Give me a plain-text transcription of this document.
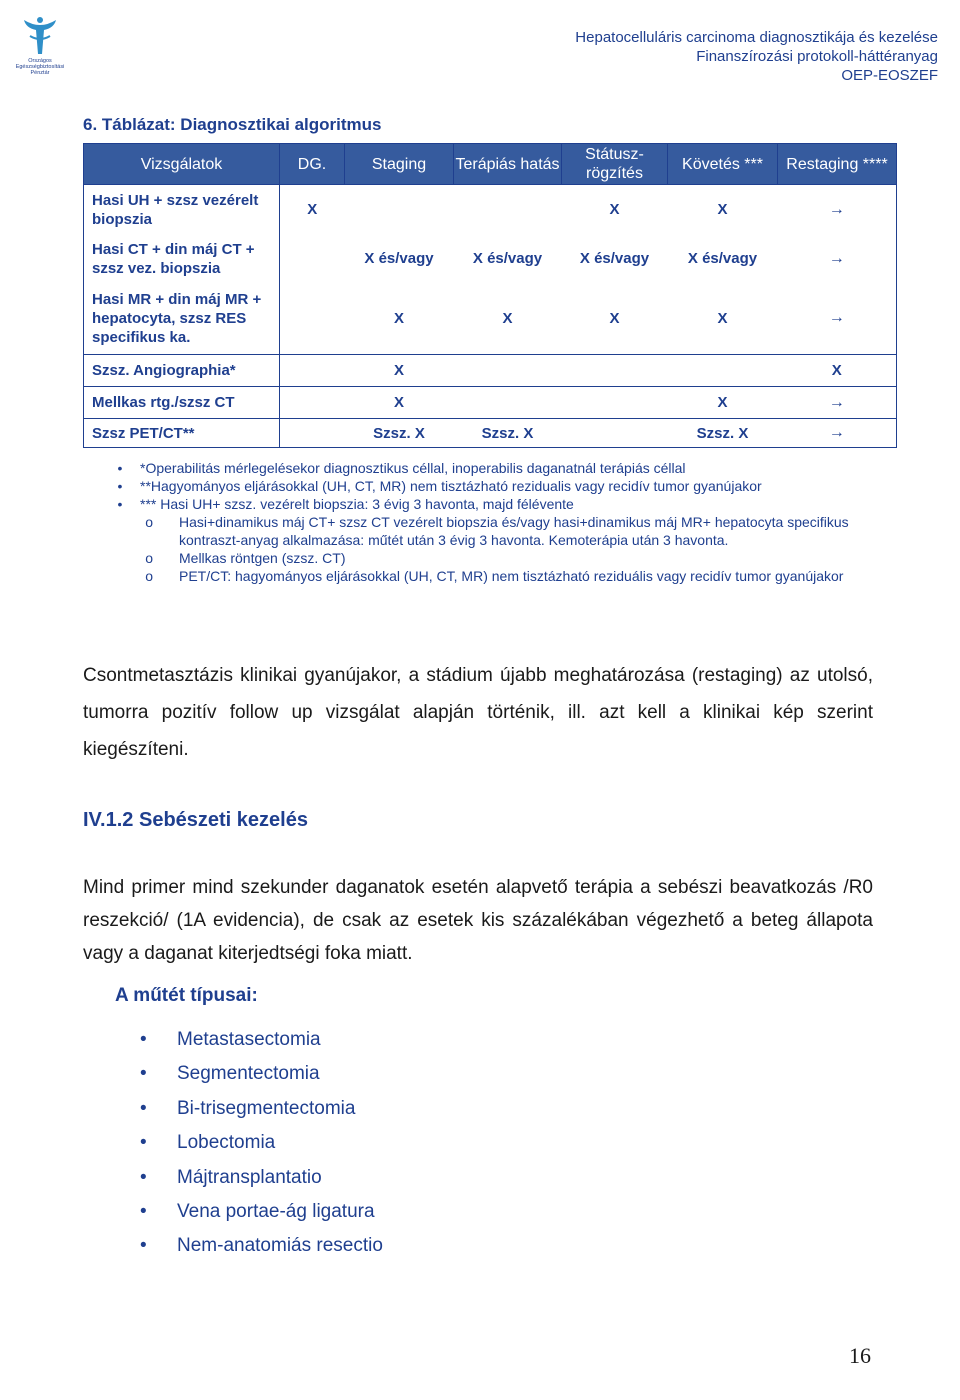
Országos Egészségbiztosítási
Pénztár
Hepatocelluláris carcinoma diagnosztikája és kezelése
Finanszírozási protokoll-háttéranyag
OEP-EOSZEF
6. Táblázat: Diagnosztikai algoritmus
Vizsgálatok	DG.	Staging	Terápiás hatás	Státusz-rögzítés	Követés ***	Restaging ****
Hasi UH + szsz vezérelt biopszia	X			X	X	→
Hasi CT + din máj CT + szsz vez. biopszia		X és/vagy	X és/vagy	X és/vagy	X és/vagy	→
Hasi MR + din máj MR + hepatocyta, szsz RES specifikus ka.		X	X	X	X	→
Szsz. Angiographia*		X				X
Mellkas rtg./szsz CT		X			X	→
Szsz PET/CT**		Szsz. X	Szsz. X		Szsz. X	→
•	*Operabilitás mérlegelésekor diagnosztikus céllal, inoperabilis daganatnál terápiás céllal
•	**Hagyományos eljárásokkal (UH, CT, MR) nem tisztázható rezidualis vagy recidív tumor gyanújakor
•	*** Hasi UH+ szsz. vezérelt biopszia: 3 évig 3 havonta, majd félévente
o	Hasi+dinamikus máj CT+ szsz CT vezérelt biopszia és/vagy hasi+dinamikus máj MR+ hepatocyta specifikus kontraszt-anyag alkalmazása: műtét után 3 évig 3 havonta. Kemoterápia után 3 havonta.
o	Mellkas röntgen (szsz. CT)
o	PET/CT: hagyományos eljárásokkal (UH, CT, MR) nem tisztázható reziduális vagy recidív tumor gyanújakor
Csontmetasztázis klinikai gyanújakor, a stádium újabb meghatározása (restaging) az utolsó, tumorra pozitív follow up vizsgálat alapján történik, ill. azt kell a klinikai kép szerint kiegészíteni.
IV.1.2 Sebészeti kezelés
Mind primer mind szekunder daganatok esetén alapvető terápia a sebészi beavatkozás /R0 reszekció/ (1A evidencia), de csak az esetek kis százalékában végezhető a beteg állapota vagy a daganat kiterjedtségi foka miatt.
A műtét típusai:
•	Metastasectomia
•	Segmentectomia
•	Bi-trisegmentectomia
•	Lobectomia
•	Májtransplantatio
•	Vena portae-ág ligatura
•	Nem-anatomiás resectio
16
